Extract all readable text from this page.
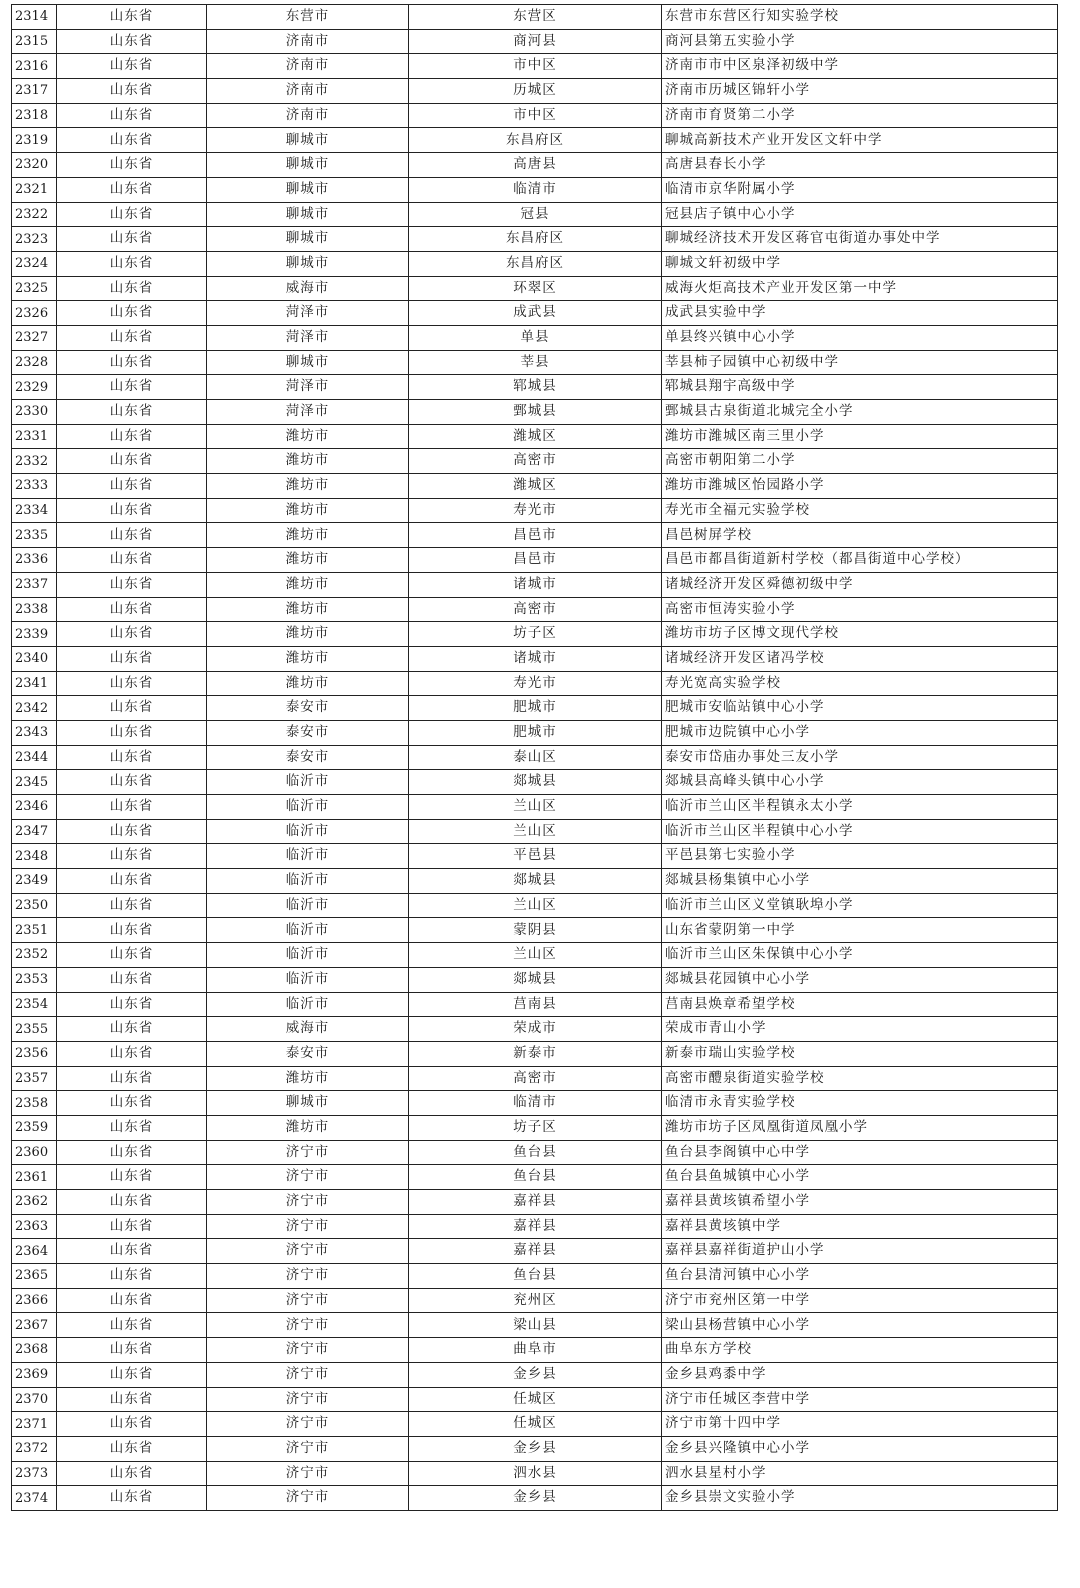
2314	山东省	东营市	东营区	东营市东营区行知实验学校
2315	山东省	济南市	商河县	商河县第五实验小学
2316	山东省	济南市	市中区	济南市市中区泉泽初级中学
2317	山东省	济南市	历城区	济南市历城区锦轩小学
2318	山东省	济南市	市中区	济南市育贤第二小学
2319	山东省	聊城市	东昌府区	聊城高新技术产业开发区文轩中学
2320	山东省	聊城市	高唐县	高唐县春长小学
2321	山东省	聊城市	临清市	临清市京华附属小学
2322	山东省	聊城市	冠县	冠县店子镇中心小学
2323	山东省	聊城市	东昌府区	聊城经济技术开发区蒋官屯街道办事处中学
2324	山东省	聊城市	东昌府区	聊城文轩初级中学
2325	山东省	威海市	环翠区	威海火炬高技术产业开发区第一中学
2326	山东省	菏泽市	成武县	成武县实验中学
2327	山东省	菏泽市	单县	单县终兴镇中心小学
2328	山东省	聊城市	莘县	莘县柿子园镇中心初级中学
2329	山东省	菏泽市	郓城县	郓城县翔宇高级中学
2330	山东省	菏泽市	鄄城县	鄄城县古泉街道北城完全小学
2331	山东省	潍坊市	潍城区	潍坊市潍城区南三里小学
2332	山东省	潍坊市	高密市	高密市朝阳第二小学
2333	山东省	潍坊市	潍城区	潍坊市潍城区怡园路小学
2334	山东省	潍坊市	寿光市	寿光市全福元实验学校
2335	山东省	潍坊市	昌邑市	昌邑树屏学校
2336	山东省	潍坊市	昌邑市	昌邑市都昌街道新村学校（都昌街道中心学校）
2337	山东省	潍坊市	诸城市	诸城经济开发区舜德初级中学
2338	山东省	潍坊市	高密市	高密市恒涛实验小学
2339	山东省	潍坊市	坊子区	潍坊市坊子区博文现代学校
2340	山东省	潍坊市	诸城市	诸城经济开发区诸冯学校
2341	山东省	潍坊市	寿光市	寿光宽高实验学校
2342	山东省	泰安市	肥城市	肥城市安临站镇中心小学
2343	山东省	泰安市	肥城市	肥城市边院镇中心小学
2344	山东省	泰安市	泰山区	泰安市岱庙办事处三友小学
2345	山东省	临沂市	郯城县	郯城县高峰头镇中心小学
2346	山东省	临沂市	兰山区	临沂市兰山区半程镇永太小学
2347	山东省	临沂市	兰山区	临沂市兰山区半程镇中心小学
2348	山东省	临沂市	平邑县	平邑县第七实验小学
2349	山东省	临沂市	郯城县	郯城县杨集镇中心小学
2350	山东省	临沂市	兰山区	临沂市兰山区义堂镇耿埠小学
2351	山东省	临沂市	蒙阴县	山东省蒙阴第一中学
2352	山东省	临沂市	兰山区	临沂市兰山区朱保镇中心小学
2353	山东省	临沂市	郯城县	郯城县花园镇中心小学
2354	山东省	临沂市	莒南县	莒南县焕章希望学校
2355	山东省	威海市	荣成市	荣成市青山小学
2356	山东省	泰安市	新泰市	新泰市瑞山实验学校
2357	山东省	潍坊市	高密市	高密市醴泉街道实验学校
2358	山东省	聊城市	临清市	临清市永青实验学校
2359	山东省	潍坊市	坊子区	潍坊市坊子区凤凰街道凤凰小学
2360	山东省	济宁市	鱼台县	鱼台县李阁镇中心中学
2361	山东省	济宁市	鱼台县	鱼台县鱼城镇中心小学
2362	山东省	济宁市	嘉祥县	嘉祥县黄垓镇希望小学
2363	山东省	济宁市	嘉祥县	嘉祥县黄垓镇中学
2364	山东省	济宁市	嘉祥县	嘉祥县嘉祥街道护山小学
2365	山东省	济宁市	鱼台县	鱼台县清河镇中心小学
2366	山东省	济宁市	兖州区	济宁市兖州区第一中学
2367	山东省	济宁市	梁山县	梁山县杨营镇中心小学
2368	山东省	济宁市	曲阜市	曲阜东方学校
2369	山东省	济宁市	金乡县	金乡县鸡黍中学
2370	山东省	济宁市	任城区	济宁市任城区李营中学
2371	山东省	济宁市	任城区	济宁市第十四中学
2372	山东省	济宁市	金乡县	金乡县兴隆镇中心小学
2373	山东省	济宁市	泗水县	泗水县星村小学
2374	山东省	济宁市	金乡县	金乡县崇文实验小学
